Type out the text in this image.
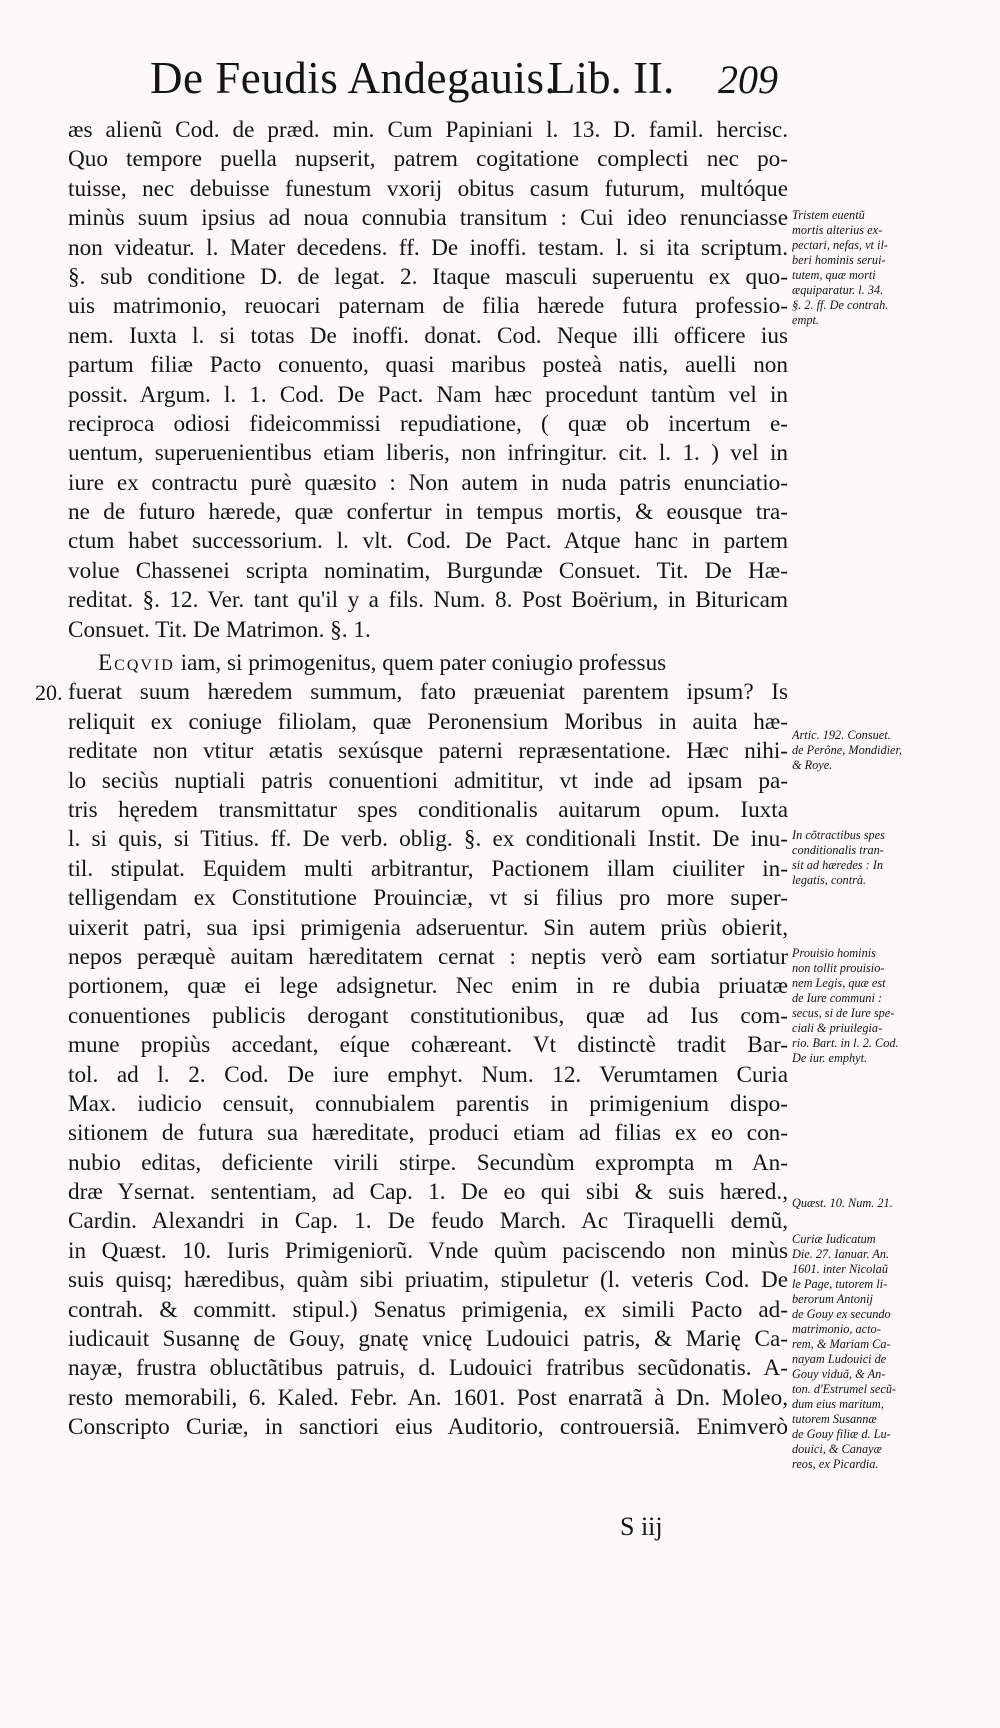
De Feudis Andegauis.
Lib. II. 209
æs alienũ Cod. de præd. min. Cum Papiniani l. 13. D. famil. hercisc.
Quo tempore puella nupserit, patrem cogitatione complecti nec po-
tuisse, nec debuisse funestum vxorij obitus casum futurum, multóque
minùs suum ipsius ad noua connubia transitum : Cui ideo renunciasse
non videatur. l. Mater decedens. ff. De inoffi. testam. l. si ita scriptum.
§. sub conditione D. de legat. 2. Itaque masculi superuentu ex quo-
uis matrimonio, reuocari paternam de filia hærede futura professio-
nem. Iuxta l. si totas De inoffi. donat. Cod. Neque illi officere ius
partum filiæ Pacto conuento, quasi maribus posteà natis, auelli non
possit. Argum. l. 1. Cod. De Pact. Nam hæc procedunt tantùm vel in
reciproca odiosi fideicommissi repudiatione, ( quæ ob incertum e-
uentum, superuenientibus etiam liberis, non infringitur. cit. l. 1. ) vel in
iure ex contractu purè quæsito : Non autem in nuda patris enunciatio-
ne de futuro hærede, quæ confertur in tempus mortis, & eousque tra-
ctum habet successorium. l. vlt. Cod. De Pact. Atque hanc in partem
volue Chassenei scripta nominatim, Burgundæ Consuet. Tit. De Hæ-
reditat. §. 12. Ver. tant qu'il y a fils. Num. 8. Post Boërium, in Bituricam
Consuet. Tit. De Matrimon. §. 1.
Ecqvid iam, si primogenitus, quem pater coniugio professus
fuerat suum hæredem summum, fato præueniat parentem ipsum? Is
reliquit ex coniuge filiolam, quæ Peronensium Moribus in auita hæ-
reditate non vtitur ætatis sexúsque paterni repræsentatione. Hæc nihi-
lo seciùs nuptiali patris conuentioni admititur, vt inde ad ipsam pa-
tris hęredem transmittatur spes conditionalis auitarum opum. Iuxta
l. si quis, si Titius. ff. De verb. oblig. §. ex conditionali Instit. De inu-
til. stipulat. Equidem multi arbitrantur, Pactionem illam ciuiliter in-
telligendam ex Constitutione Prouinciæ, vt si filius pro more super-
uixerit patri, sua ipsi primigenia adseruentur. Sin autem priùs obierit,
nepos peræquè auitam hæreditatem cernat : neptis verò eam sortiatur
portionem, quæ ei lege adsignetur. Nec enim in re dubia priuatæ
conuentiones publicis derogant constitutionibus, quæ ad Ius com-
mune propiùs accedant, eíque cohæreant. Vt distinctè tradit Bar-
tol. ad l. 2. Cod. De iure emphyt. Num. 12. Verumtamen Curia
Max. iudicio censuit, connubialem parentis in primigenium dispo-
sitionem de futura sua hæreditate, produci etiam ad filias ex eo con-
nubio editas, deficiente virili stirpe. Secundùm exprompta m An-
dræ Ysernat. sententiam, ad Cap. 1. De eo qui sibi & suis hæred.,
Cardin. Alexandri in Cap. 1. De feudo March. Ac Tiraquelli demũ,
in Quæst. 10. Iuris Primigeniorũ. Vnde quùm paciscendo non minùs
suis quisq; hæredibus, quàm sibi priuatim, stipuletur (l. veteris Cod. De
contrah. & committ. stipul.) Senatus primigenia, ex simili Pacto ad-
iudicauit Susannę de Gouy, gnatę vnicę Ludouici patris, & Marię Ca-
nayæ, frustra obluctãtibus patruis, d. Ludouici fratribus secũdonatis. A-
resto memorabili, 6. Kaled. Febr. An. 1601. Post enarratã à Dn. Moleo,
Conscripto Curiæ, in sanctiori eius Auditorio, controuersiã. Enimverò
20.
Tristem euentũ
mortis alterius ex-
pectari, nefas, vt il-
beri hominis serui-
tutem, quæ morti
æquiparatur. l. 34.
§. 2. ff. De contrah.
empt.
Artic. 192. Consuet.
de Perône, Mondidier,
& Roye.
In cõtractibus spes
conditionalis tran-
sit ad hæredes : In
legatis, contrà.
Prouisio hominis
non tollit prouisio-
nem Legis, quæ est
de Iure communi :
secus, si de Iure spe-
ciali & priuilegia-
rio. Bart. in l. 2. Cod.
De iur. emphyt.
Quæst. 10. Num. 21.
Curiæ Iudicatum
Die. 27. Ianuar. An.
1601. inter Nicolaũ
le Page, tutorem li-
berorum Antonij
de Gouy ex secundo
matrimonio, acto-
rem, & Mariam Ca-
nayam Ludouici de
Gouy viduã, & An-
ton. d'Estrumel secũ-
dum eius maritum,
tutorem Susannæ
de Gouy filiæ d. Lu-
douici, & Canayæ
reos, ex Picardia.
S iij
